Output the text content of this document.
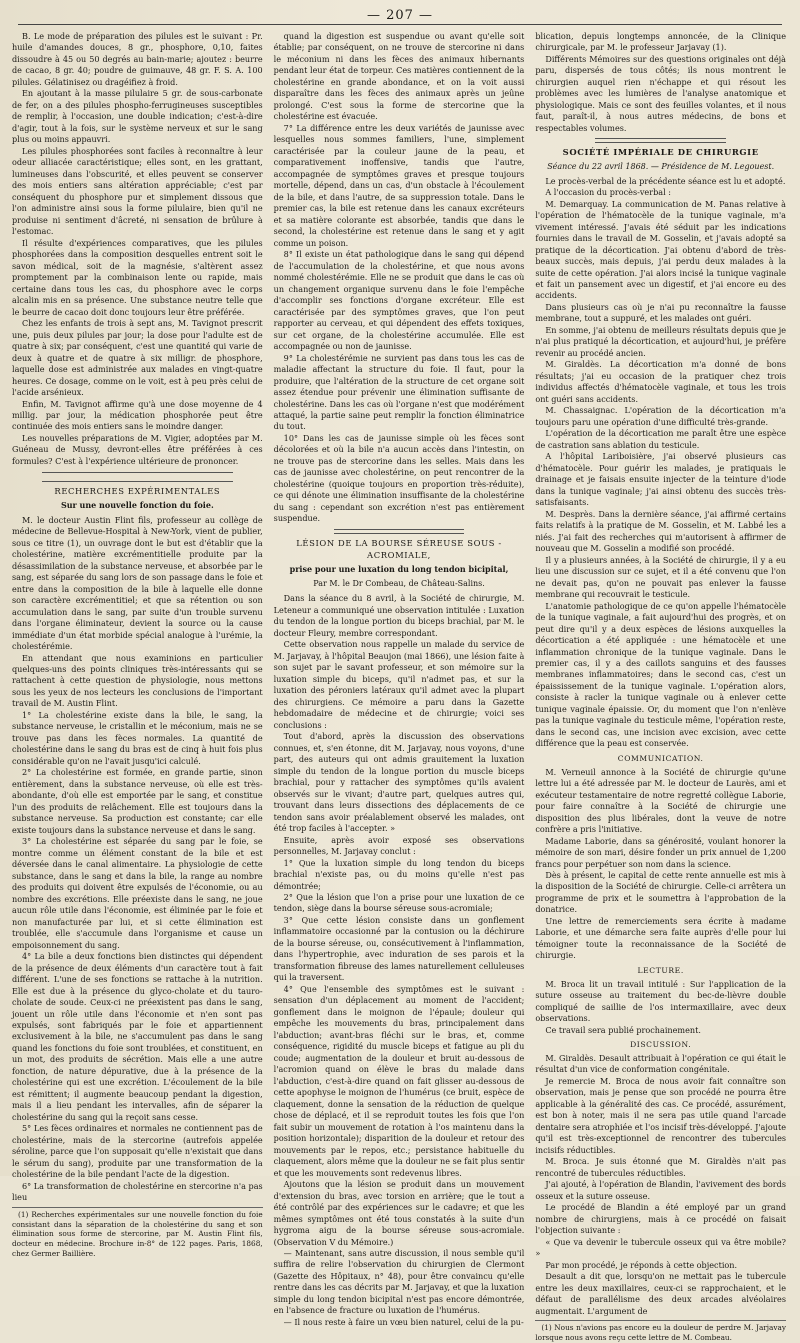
— 207 —

B. Le mode de préparation des pilules est le suivant : Pr. huile d'amandes douces, 8 gr., phosphore, 0,10, faites dissoudre à 45 ou 50 degrés au bain-marie; ajoutez : beurre de cacao, 8 gr. 40; poudre de guimauve, 48 gr. F. S. A. 100 pilules. Gélatinisez ou dragéifiez à froid.

En ajoutant à la masse pilulaire 5 gr. de sous-carbonate de fer, on a des pilules phospho-ferrugineuses susceptibles de remplir, à l'occasion, une double indication; c'est-à-dire d'agir, tout à la fois, sur le système nerveux et sur le sang plus ou moins appauvri.

Les pilules phosphorées sont faciles à reconnaître à leur odeur alliacée caractéristique; elles sont, en les grattant, lumineuses dans l'obscurité, et elles peuvent se conserver des mois entiers sans altération appréciable; c'est par conséquent du phosphore pur et simplement dissous que l'on administre ainsi sous la forme pilulaire, bien qu'il ne produise ni sentiment d'âcreté, ni sensation de brûlure à l'estomac.

Il résulte d'expériences comparatives, que les pilules phosphorées dans la composition desquelles entrent soit le savon médical, soit de la magnésie, s'altèrent assez promptement par la combinaison lente ou rapide, mais certaine dans tous les cas, du phosphore avec le corps alcalin mis en sa présence. Une substance neutre telle que le beurre de cacao doit donc toujours leur être préférée.

Chez les enfants de trois à sept ans, M. Tavignot prescrit une, puis deux pilules par jour; la dose pour l'adulte est de quatre à six; par conséquent, c'est une quantité qui varie de deux à quatre et de quatre à six milligr. de phosphore, laquelle dose est administrée aux malades en vingt-quatre heures. Ce dosage, comme on le voit, est à peu près celui de l'acide arsénieux.

Enfin, M. Tavignot affirme qu'à une dose moyenne de 4 millig. par jour, la médication phosphorée peut être continuée des mois entiers sans le moindre danger.

Les nouvelles préparations de M. Vigier, adoptées par M. Guéneau de Mussy, devront-elles être préférées à ces formules? C'est à l'expérience ultérieure de prononcer.

RECHERCHES EXPÉRIMENTALES
Sur une nouvelle fonction du foie.

M. le docteur Austin Flint fils, professeur au collège de médecine de Bellevue-Hospital à New-York, vient de publier, sous ce titre (1), un ouvrage dont le but est d'établir que la cholestérine, matière excrémentitielle produite par la désassimilation de la substance nerveuse, et absorbée par le sang, est séparée du sang lors de son passage dans le foie et entre dans la composition de la bile à laquelle elle donne son caractère excrémentitiel; et que sa rétention ou son accumulation dans le sang, par suite d'un trouble survenu dans l'organe éliminateur, devient la source ou la cause immédiate d'un état morbide spécial analogue à l'urémie, la cholestérémie.

En attendant que nous examinions en particulier quelques-uns des points cliniques très-intéressants qui se rattachent à cette question de physiologie, nous mettons sous les yeux de nos lecteurs les conclusions de l'important travail de M. Austin Flint.

1° La cholestérine existe dans la bile, le sang, la substance nerveuse, le cristallin et le méconium, mais ne se trouve pas dans les fèces normales. La quantité de cholestérine dans le sang du bras est de cinq à huit fois plus considérable qu'on ne l'avait jusqu'ici calculé.

2° La cholestérine est formée, en grande partie, sinon entièrement, dans la substance nerveuse, où elle est très-abondante, d'où elle est emportée par le sang, et constitue l'un des produits de relâchement. Elle est toujours dans la substance nerveuse. Sa production est constante; car elle existe toujours dans la substance nerveuse et dans le sang.

3° La cholestérine est séparée du sang par le foie, se montre comme un élément constant de la bile et est déversée dans le canal alimentaire. La physiologie de cette substance, dans le sang et dans la bile, la range au nombre des produits qui doivent être expulsés de l'économie, ou au nombre des excrétions. Elle préexiste dans le sang, ne joue aucun rôle utile dans l'économie, est éliminée par le foie et non manufacturée par lui, et si cette élimination est troublée, elle s'accumule dans l'organisme et cause un empoisonnement du sang.

4° La bile a deux fonctions bien distinctes qui dépendent de la présence de deux éléments d'un caractère tout à fait différent. L'une de ses fonctions se rattache à la nutrition. Elle est due à la présence du glyco-cholate et du tauro-cholate de soude. Ceux-ci ne préexistent pas dans le sang, jouent un rôle utile dans l'économie et n'en sont pas expulsés, sont fabriqués par le foie et appartiennent exclusivement à la bile, ne s'accumulent pas dans le sang quand les fonctions du foie sont troublées, et constituent, en un mot, des produits de sécrétion. Mais elle a une autre fonction, de nature dépurative, due à la présence de la cholestérine qui est une excrétion. L'écoulement de la bile est rémittent; il augmente beaucoup pendant la digestion, mais il a lieu pendant les intervalles, afin de séparer la cholestérine du sang qui la reçoit sans cesse.

5° Les fèces ordinaires et normales ne contiennent pas de cholestérine, mais de la stercorine (autrefois appelée séroline, parce que l'on supposait qu'elle n'existait que dans le sérum du sang), produite par une transformation de la cholestérine de la bile pendant l'acte de la digestion.

6° La transformation de cholestérine en stercorine n'a pas lieu

(1) Recherches expérimentales sur une nouvelle fonction du foie consistant dans la séparation de la cholestérine du sang et son élimination sous forme de stercorine, par M. Austin Flint fils, docteur en médecine. Brochure in-8° de 122 pages. Paris, 1868, chez Germer Baillière.

quand la digestion est suspendue ou avant qu'elle soit établie; par conséquent, on ne trouve de stercorine ni dans le méconium ni dans les fèces des animaux hibernants pendant leur état de torpeur. Ces matières contiennent de la cholestérine en grande abondance, et on la voit aussi disparaître dans les fèces des animaux après un jeûne prolongé. C'est sous la forme de stercorine que la cholestérine est évacuée.

7° La différence entre les deux variétés de jaunisse avec lesquelles nous sommes familiers, l'une, simplement caractérisée par la couleur jaune de la peau, et comparativement inoffensive, tandis que l'autre, accompagnée de symptômes graves et presque toujours mortelle, dépend, dans un cas, d'un obstacle à l'écoulement de la bile, et dans l'autre, de sa suppression totale. Dans le premier cas, la bile est retenue dans les canaux excréteurs et sa matière colorante est absorbée, tandis que dans le second, la cholestérine est retenue dans le sang et y agit comme un poison.

8° Il existe un état pathologique dans le sang qui dépend de l'accumulation de la cholestérine, et que nous avons nommé cholestérémie. Elle ne se produit que dans le cas où un changement organique survenu dans le foie l'empêche d'accomplir ses fonctions d'organe excréteur. Elle est caractérisée par des symptômes graves, que l'on peut rapporter au cerveau, et qui dépendent des effets toxiques, sur cet organe, de la cholestérine accumulée. Elle est accompagnée ou non de jaunisse.

9° La cholestérémie ne survient pas dans tous les cas de maladie affectant la structure du foie. Il faut, pour la produire, que l'altération de la structure de cet organe soit assez étendue pour prévenir une élimination suffisante de cholestérine. Dans les cas où l'organe n'est que modérément attaqué, la partie saine peut remplir la fonction éliminatrice du tout.

10° Dans les cas de jaunisse simple où les fèces sont décolorées et où la bile n'a aucun accès dans l'intestin, on ne trouve pas de stercorine dans les selles. Mais dans les cas de jaunisse avec cholestérine, on peut rencontrer de la cholestérine (quoique toujours en proportion très-réduite), ce qui dénote une élimination insuffisante de la cholestérine du sang : cependant son excrétion n'est pas entièrement suspendue.

LÉSION DE LA BOURSE SÉREUSE SOUS - ACROMIALE,
prise pour une luxation du long tendon bicipital,
Par M. le Dr Combeau, de Château-Salins.

Dans la séance du 8 avril, à la Société de chirurgie, M. Leteneur a communiqué une observation intitulée : Luxation du tendon de la longue portion du biceps brachial, par M. le docteur Fleury, membre correspondant.

Cette observation nous rappelle un malade du service de M. Jarjavay, à l'hôpital Beaujon (mai 1866), une lésion faite à son sujet par le savant professeur, et son mémoire sur la luxation simple du biceps, qu'il n'admet pas, et sur la luxation des péroniers latéraux qu'il admet avec la plupart des chirurgiens. Ce mémoire a paru dans la Gazette hebdomadaire de médecine et de chirurgie; voici ses conclusions :

Tout d'abord, après la discussion des observations connues, et, s'en étonne, dit M. Jarjavay, nous voyons, d'une part, des auteurs qui ont admis grauitement la luxation simple du tendon de la longue portion du muscle biceps brachial, pour y rattacher des symptômes qu'ils avaient observés sur le vivant; d'autre part, quelques autres qui, trouvant dans leurs dissections des déplacements de ce tendon sans avoir préalablement observé les malades, ont été trop faciles à l'accepter. »

Ensuite, après avoir exposé ses observations personnelles, M. Jarjavay conclut :

1° Que la luxation simple du long tendon du biceps brachial n'existe pas, ou du moins qu'elle n'est pas démontrée;

2° Que la lésion que l'on a prise pour une luxation de ce tendon, siège dans la bourse séreuse sous-acromiale;

3° Que cette lésion consiste dans un gonflement inflammatoire occasionné par la contusion ou la déchirure de la bourse séreuse, ou, consécutivement à l'inflammation, dans l'hypertrophie, avec induration de ses parois et la transformation fibreuse des lames naturellement celluleuses qui la traversent.

4° Que l'ensemble des symptômes est le suivant : sensation d'un déplacement au moment de l'accident; gonflement dans le moignon de l'épaule; douleur qui empêche les mouvements du bras, principalement dans l'abduction; avant-bras fléchi sur le bras, et, comme conséquence, rigidité du muscle biceps et fatigue au pli du coude; augmentation de la douleur et bruit au-dessous de l'acromion quand on élève le bras du malade dans l'abduction, c'est-à-dire quand on fait glisser au-dessous de cette apophyse le moignon de l'humérus (ce bruit, espèce de claquement, donne la sensation de la réduction de quelque chose de déplacé, et il se reproduit toutes les fois que l'on fait subir un mouvement de rotation à l'os maintenu dans la position horizontale); disparition de la douleur et retour des mouvements par le repos, etc.; persistance habituelle du claquement, alors même que la douleur ne se fait plus sentir et que les mouvements sont redevenus libres.

Ajoutons que la lésion se produit dans un mouvement d'extension du bras, avec torsion en arrière; que le tout a été contrôlé par des expériences sur le cadavre; et que les mêmes symptômes ont été tous constatés à la suite d'un hygroma aigu de la bourse séreuse sous-acromiale. (Observation V du Mémoire.)

— Maintenant, sans autre discussion, il nous semble qu'il suffira de relire l'observation du chirurgien de Clermont (Gazette des Hôpitaux, n° 48), pour être convaincu qu'elle rentre dans les cas décrits par M. Jarjavay, et que la luxation simple du long tendon bicipital n'est pas encore démontrée, en l'absence de fracture ou luxation de l'humérus.

— Il nous reste à faire un vœu bien naturel, celui de la pu-

blication, depuis longtemps annoncée, de la Clinique chirurgicale, par M. le professeur Jarjavay (1).

Différents Mémoires sur des questions originales ont déjà paru, dispersés de tous côtés; ils nous montrent le chirurgien auquel rien n'échappe et qui résout les problèmes avec les lumières de l'analyse anatomique et physiologique. Mais ce sont des feuilles volantes, et il nous faut, paraît-il, à nous autres médecins, de bons et respectables volumes.

SOCIÉTÉ IMPÉRIALE DE CHIRURGIE
Séance du 22 avril 1868. — Présidence de M. Legouest.

Le procès-verbal de la précédente séance est lu et adopté.

A l'occasion du procès-verbal :

M. Demarquay. La communication de M. Panas relative à l'opération de l'hématocèle de la tunique vaginale, m'a vivement intéressé. J'avais été séduit par les indications fournies dans le travail de M. Gosselin, et j'avais adopté sa pratique de la décortication. J'ai obtenu d'abord de très-beaux succès, mais depuis, j'ai perdu deux malades à la suite de cette opération. J'ai alors incisé la tunique vaginale et fait un pansement avec un digestif, et j'ai encore eu des accidents.

Dans plusieurs cas où je n'ai pu reconnaître la fausse membrane, tout a suppuré, et les malades ont guéri.

En somme, j'ai obtenu de meilleurs résultats depuis que je n'ai plus pratiqué la décortication, et aujourd'hui, je préfère revenir au procédé ancien.

M. Giraldès. La décortication m'a donné de bons résultats; j'ai eu occasion de la pratiquer chez trois individus affectés d'hématocèle vaginale, et tous les trois ont guéri sans accidents.

M. Chassaignac. L'opération de la décortication m'a toujours paru une opération d'une difficulté très-grande.

L'opération de la décortication me paraît être une espèce de castration sans ablation du testicule.

A l'hôpital Lariboisière, j'ai observé plusieurs cas d'hématocèle. Pour guérir les malades, je pratiquais le drainage et je faisais ensuite injecter de la teinture d'iode dans la tunique vaginale; j'ai ainsi obtenu des succès très-satisfaisants.

M. Desprès. Dans la dernière séance, j'ai affirmé certains faits relatifs à la pratique de M. Gosselin, et M. Labbé les a niés. J'ai fait des recherches qui m'autorisent à affirmer de nouveau que M. Gosselin a modifié son procédé.

Il y a plusieurs années, à la Société de chirurgie, il y a eu lieu une discussion sur ce sujet, et il a été convenu que l'on ne devait pas, qu'on ne pouvait pas enlever la fausse membrane qui recouvrait le testicule.

L'anatomie pathologique de ce qu'on appelle l'hématocèle de la tunique vaginale, a fait aujourd'hui des progrès, et on peut dire qu'il y a deux espèces de lésions auxquelles la décortication a été appliquée : une hématocèle et une inflammation chronique de la tunique vaginale. Dans le premier cas, il y a des caillots sanguins et des fausses membranes inflammatoires; dans le second cas, c'est un épaississement de la tunique vaginale. L'opération alors, consiste à racler la tunique vaginale ou à enlever cette tunique vaginale épaissie. Or, du moment que l'on n'enlève pas la tunique vaginale du testicule même, l'opération reste, dans le second cas, une incision avec excision, avec cette différence que la peau est conservée.

COMMUNICATION.

M. Verneuil annonce à la Société de chirurgie qu'une lettre lui a été adressée par M. le docteur de Laurès, ami et exécuteur testamentaire de notre regretté collègue Laborie, pour faire connaître à la Société de chirurgie une disposition des plus libérales, dont la veuve de notre confrère a pris l'initiative.

Madame Laborie, dans sa générosité, voulant honorer la mémoire de son mari, désire fonder un prix annuel de 1,200 francs pour perpétuer son nom dans la science.

Dès à présent, le capital de cette rente annuelle est mis à la disposition de la Société de chirurgie. Celle-ci arrêtera un programme de prix et le soumettra à l'approbation de la donatrice.

Une lettre de remerciements sera écrite à madame Laborie, et une démarche sera faite auprès d'elle pour lui témoigner toute la reconnaissance de la Société de chirurgie.

LECTURE.

M. Broca lit un travail intitulé : Sur l'application de la suture osseuse au traitement du bec-de-lièvre double compliqué de saillie de l'os intermaxillaire, avec deux observations.

Ce travail sera publié prochainement.

DISCUSSION.

M. Giraldès. Desault attribuait à l'opération ce qui était le résultat d'un vice de conformation congénitale.

Je remercie M. Broca de nous avoir fait connaître son observation, mais je pense que son procédé ne pourra être applicable à la généralité des cas. Ce procédé, assurément, est bon à noter, mais il ne sera pas utile quand l'arcade dentaire sera atrophiée et l'os incisif très-développé. J'ajoute qu'il est très-exceptionnel de rencontrer des tubercules incisifs réductibles.

M. Broca. Je suis étonné que M. Giraldès n'ait pas rencontré de tubercules réductibles.

J'ai ajouté, à l'opération de Blandin, l'avivement des bords osseux et la suture osseuse.

Le procédé de Blandin a été employé par un grand nombre de chirurgiens, mais à ce procédé on faisait l'objection suivante :

« Que va devenir le tubercule osseux qui va être mobile? »

Par mon procédé, je réponds à cette objection.

Desault a dit que, lorsqu'on ne mettait pas le tubercule entre les deux maxillaires, ceux-ci se rapprochaient, et le défaut de parallélisme des deux arcades alvéolaires augmentait. L'argument de

(1) Nous n'avions pas encore eu la douleur de perdre M. Jarjavay lorsque nous avons reçu cette lettre de M. Combeau.
